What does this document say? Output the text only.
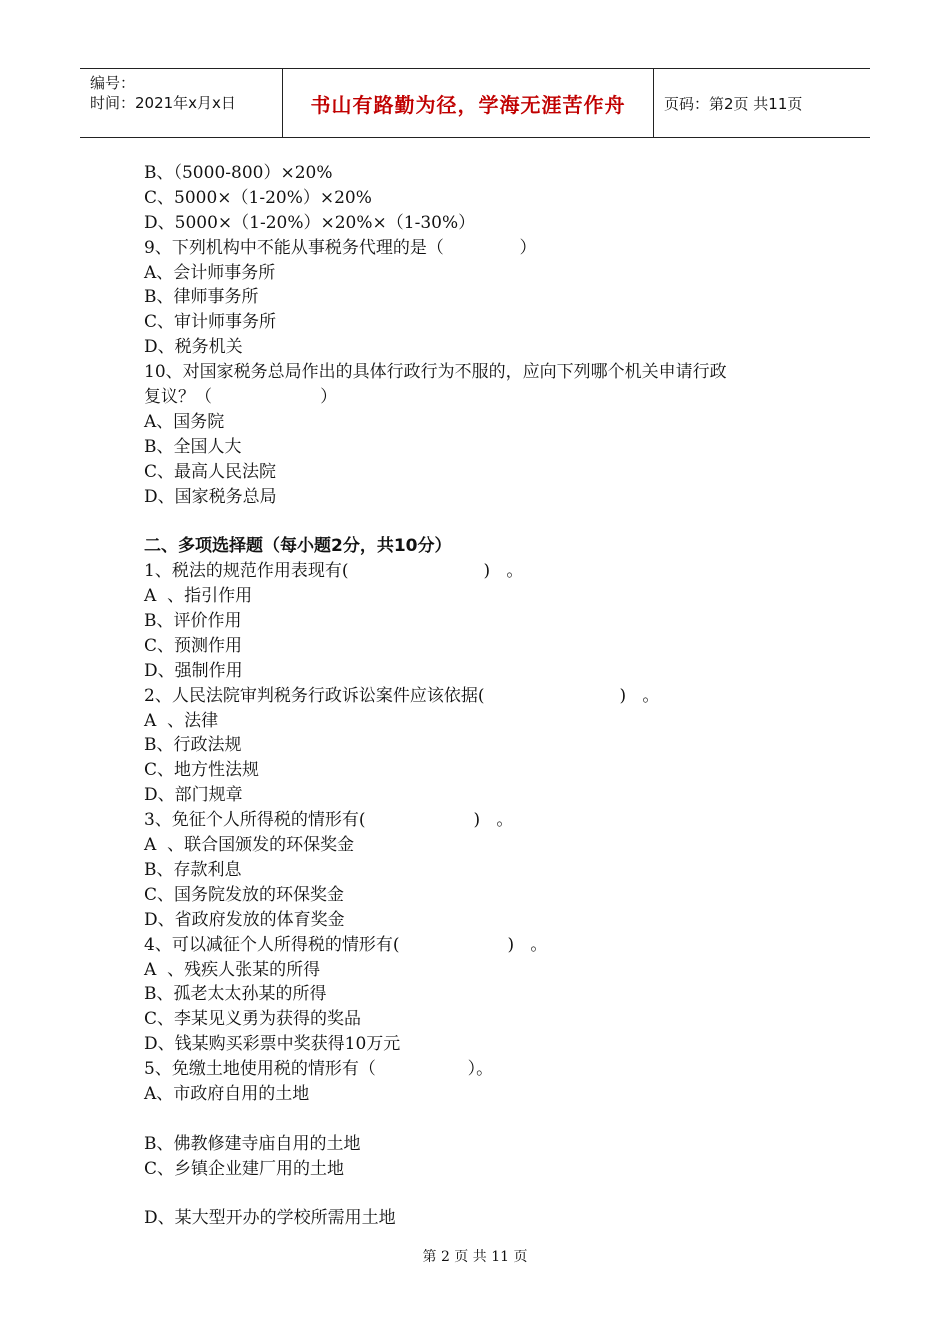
编号：
时间：2021年x月x日	书山有路勤为径，学海无涯苦作舟	页码：第2页 共11页
B、（5000-800）×20%
C、5000×（1-20%）×20%
D、5000×（1-20%）×20%×（1-30%）
9、下列机构中不能从事税务代理的是（              ）
A、会计师事务所
B、律师事务所
C、审计师事务所
D、税务机关
10、对国家税务总局作出的具体行政行为不服的，应向下列哪个机关申请行政
复议？（                    ）
A、国务院
B、全国人大
C、最高人民法院
D、国家税务总局
二、多项选择题（每小题2分，共10分）
1、税法的规范作用表现有(                         )   。
A  、指引作用
B、评价作用
C、预测作用
D、强制作用
2、人民法院审判税务行政诉讼案件应该依据(                         )   。
A  、法律
B、行政法规
C、地方性法规
D、部门规章
3、免征个人所得税的情形有(                    )   。
A  、联合国颁发的环保奖金
B、存款利息
C、国务院发放的环保奖金
D、省政府发放的体育奖金
4、可以减征个人所得税的情形有(                    )   。
A  、残疾人张某的所得
B、孤老太太孙某的所得
C、李某见义勇为获得的奖品
D、钱某购买彩票中奖获得10万元
5、免缴土地使用税的情形有（                 ）。
A、市政府自用的土地
B、佛教修建寺庙自用的土地
C、乡镇企业建厂用的土地
D、某大型开办的学校所需用土地
第 2 页 共 11 页
